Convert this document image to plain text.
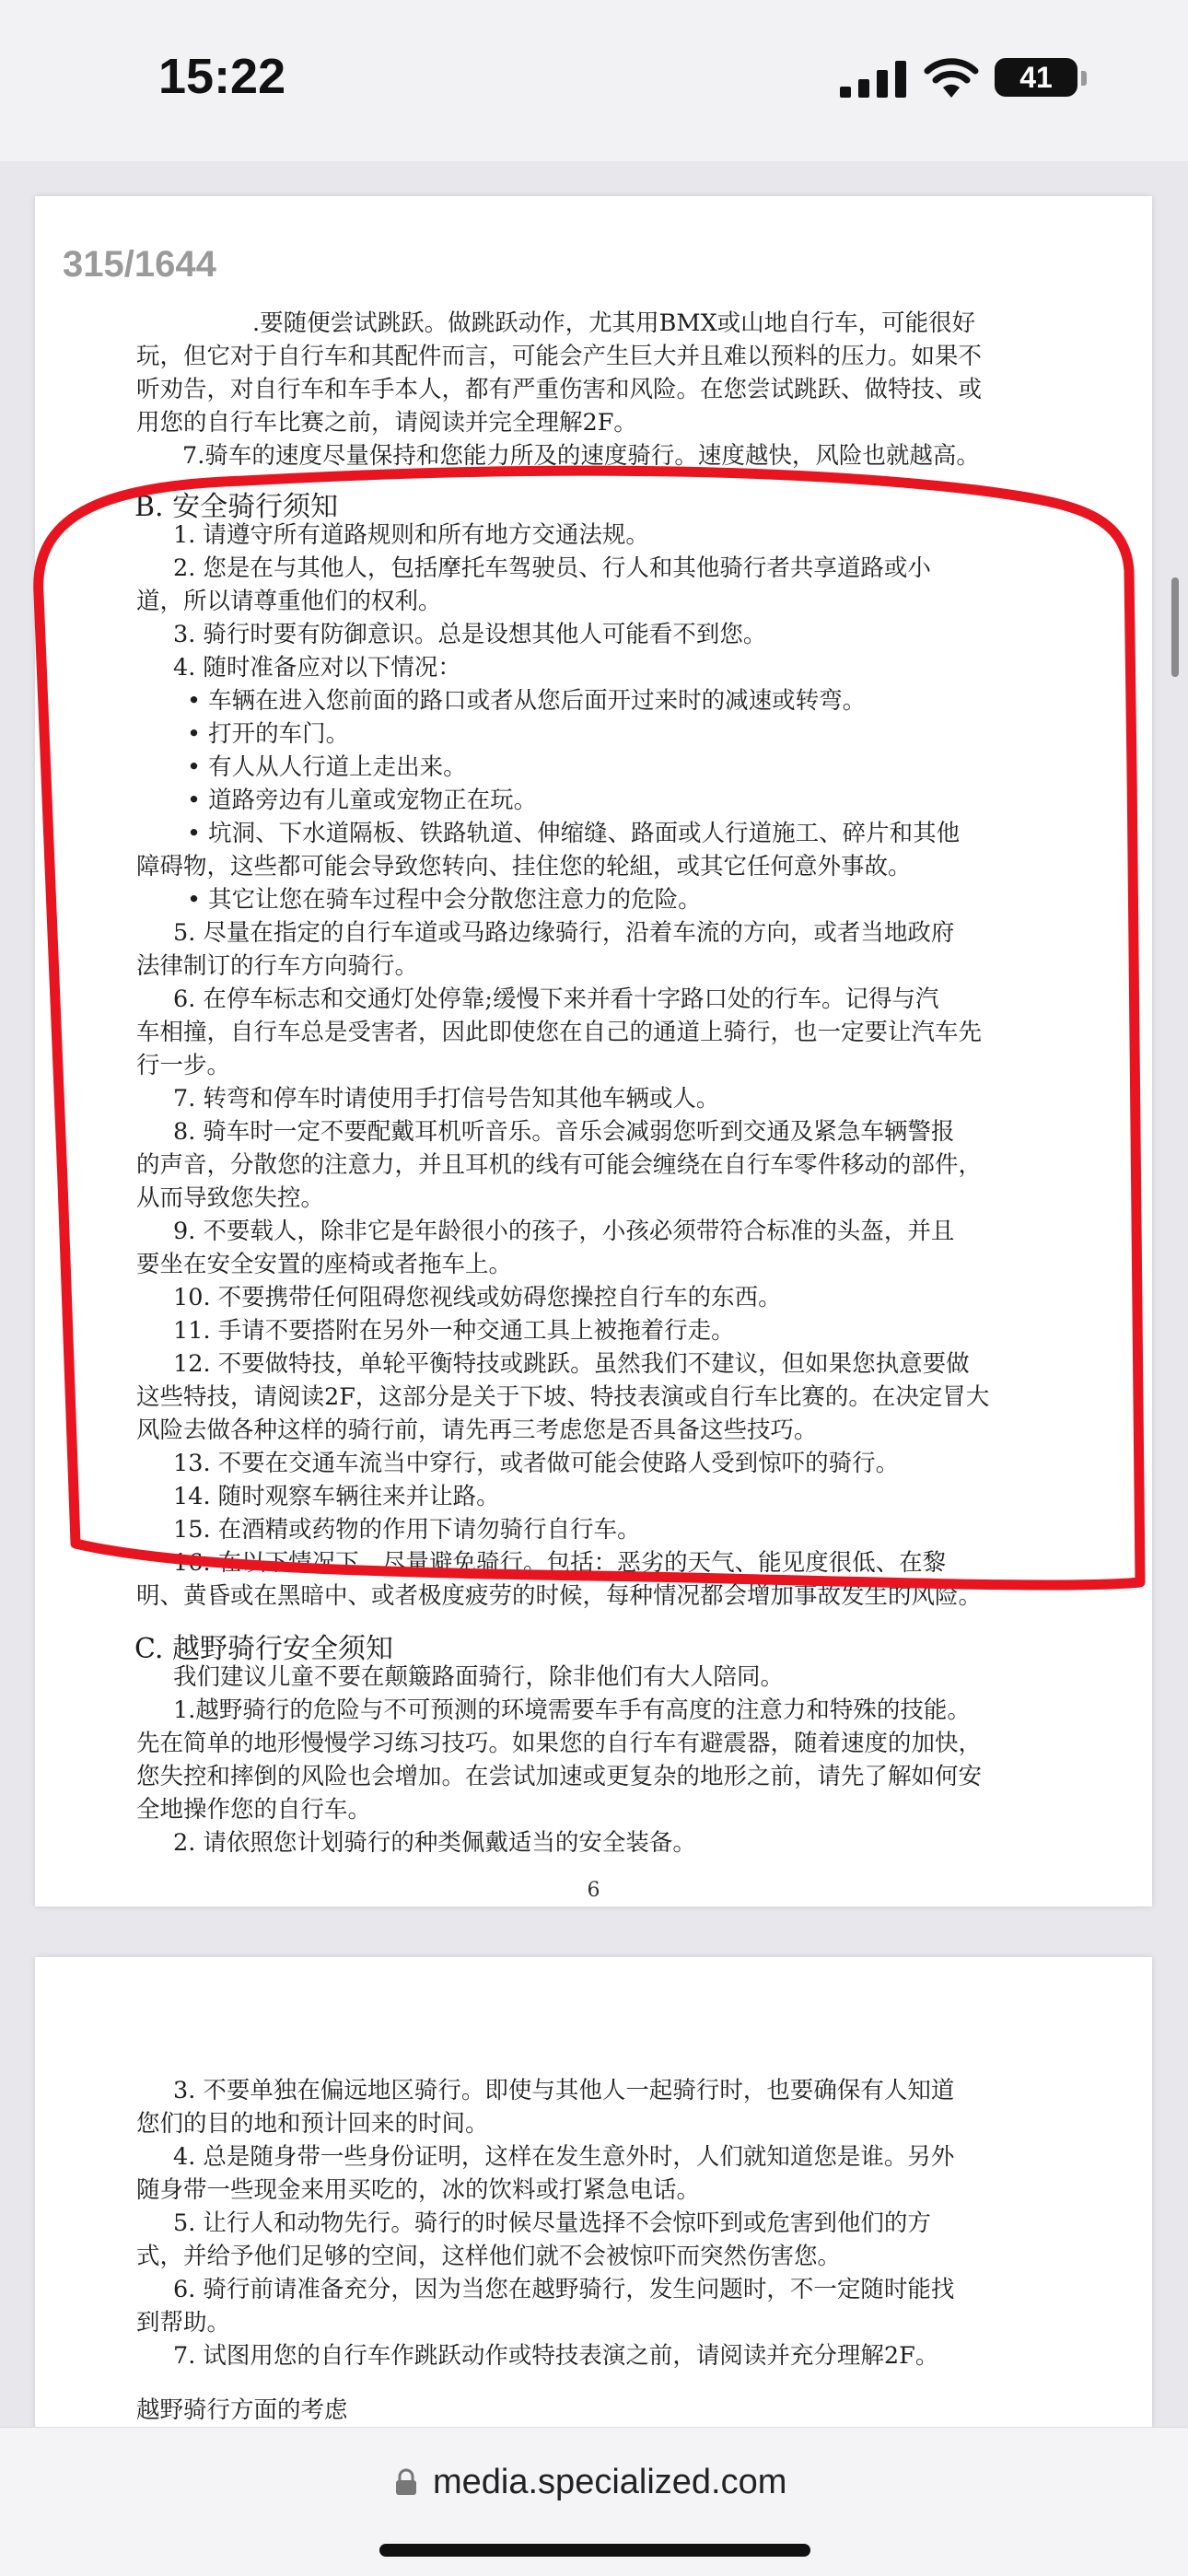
15:22	41
6
.要随便尝试跳跃。做跳跃动作，尤其用BMX或山地自行车，可能很好
玩，但它对于自行车和其配件而言，可能会产生巨大并且难以预料的压力。如果不
听劝告，对自行车和车手本人，都有严重伤害和风险。在您尝试跳跃、做特技、或
用您的自行车比赛之前，请阅读并完全理解2F。
7.骑车的速度尽量保持和您能力所及的速度骑行。速度越快，风险也就越高。
B. 安全骑行须知
1. 请遵守所有道路规则和所有地方交通法规。
2. 您是在与其他人，包括摩托车驾驶员、行人和其他骑行者共享道路或小
道，所以请尊重他们的权利。
3. 骑行时要有防御意识。总是设想其他人可能看不到您。
4. 随时准备应对以下情况：
• 车辆在进入您前面的路口或者从您后面开过来时的减速或转弯。
• 打开的车门。
• 有人从人行道上走出来。
• 道路旁边有儿童或宠物正在玩。
• 坑洞、下水道隔板、铁路轨道、伸缩缝、路面或人行道施工、碎片和其他
障碍物，这些都可能会导致您转向、挂住您的轮組，或其它任何意外事故。
• 其它让您在骑车过程中会分散您注意力的危险。
5. 尽量在指定的自行车道或马路边缘骑行，沿着车流的方向，或者当地政府
法律制订的行车方向骑行。
6. 在停车标志和交通灯处停靠;缓慢下来并看十字路口处的行车。记得与汽
车相撞，自行车总是受害者，因此即使您在自己的通道上骑行，也一定要让汽车先
行一步。
7. 转弯和停车时请使用手打信号告知其他车辆或人。
8. 骑车时一定不要配戴耳机听音乐。音乐会减弱您听到交通及紧急车辆警报
的声音，分散您的注意力，并且耳机的线有可能会缠绕在自行车零件移动的部件，
从而导致您失控。
9. 不要载人，除非它是年龄很小的孩子，小孩必须带符合标准的头盔，并且
要坐在安全安置的座椅或者拖车上。
10. 不要携带任何阻碍您视线或妨碍您操控自行车的东西。
11. 手请不要搭附在另外一种交通工具上被拖着行走。
12. 不要做特技，单轮平衡特技或跳跃。虽然我们不建议，但如果您执意要做
这些特技，请阅读2F，这部分是关于下坡、特技表演或自行车比赛的。在决定冒大
风险去做各种这样的骑行前，请先再三考虑您是否具备这些技巧。
13. 不要在交通车流当中穿行，或者做可能会使路人受到惊吓的骑行。
14. 随时观察车辆往来并让路。
15. 在酒精或药物的作用下请勿骑行自行车。
16. 在以下情况下，尽量避免骑行。包括：恶劣的天气、能见度很低、在黎
明、黄昏或在黑暗中、或者极度疲劳的时候，每种情况都会增加事故发生的风险。
C. 越野骑行安全须知
我们建议儿童不要在颠簸路面骑行，除非他们有大人陪同。
1.越野骑行的危险与不可预测的环境需要车手有高度的注意力和特殊的技能。
先在简单的地形慢慢学习练习技巧。如果您的自行车有避震器，随着速度的加快，
您失控和摔倒的风险也会增加。在尝试加速或更复杂的地形之前，请先了解如何安
全地操作您的自行车。
2. 请依照您计划骑行的种类佩戴适当的安全装备。
3. 不要单独在偏远地区骑行。即使与其他人一起骑行时，也要确保有人知道
您们的目的地和预计回来的时间。
4. 总是随身带一些身份证明，这样在发生意外时，人们就知道您是谁。另外
随身带一些现金来用买吃的，冰的饮料或打紧急电话。
5. 让行人和动物先行。骑行的时候尽量选择不会惊吓到或危害到他们的方
式，并给予他们足够的空间，这样他们就不会被惊吓而突然伤害您。
6. 骑行前请准备充分，因为当您在越野骑行，发生问题时，不一定随时能找
到帮助。
7. 试图用您的自行车作跳跃动作或特技表演之前，请阅读并充分理解2F。
越野骑行方面的考虑
315/1644
media.specialized.com
